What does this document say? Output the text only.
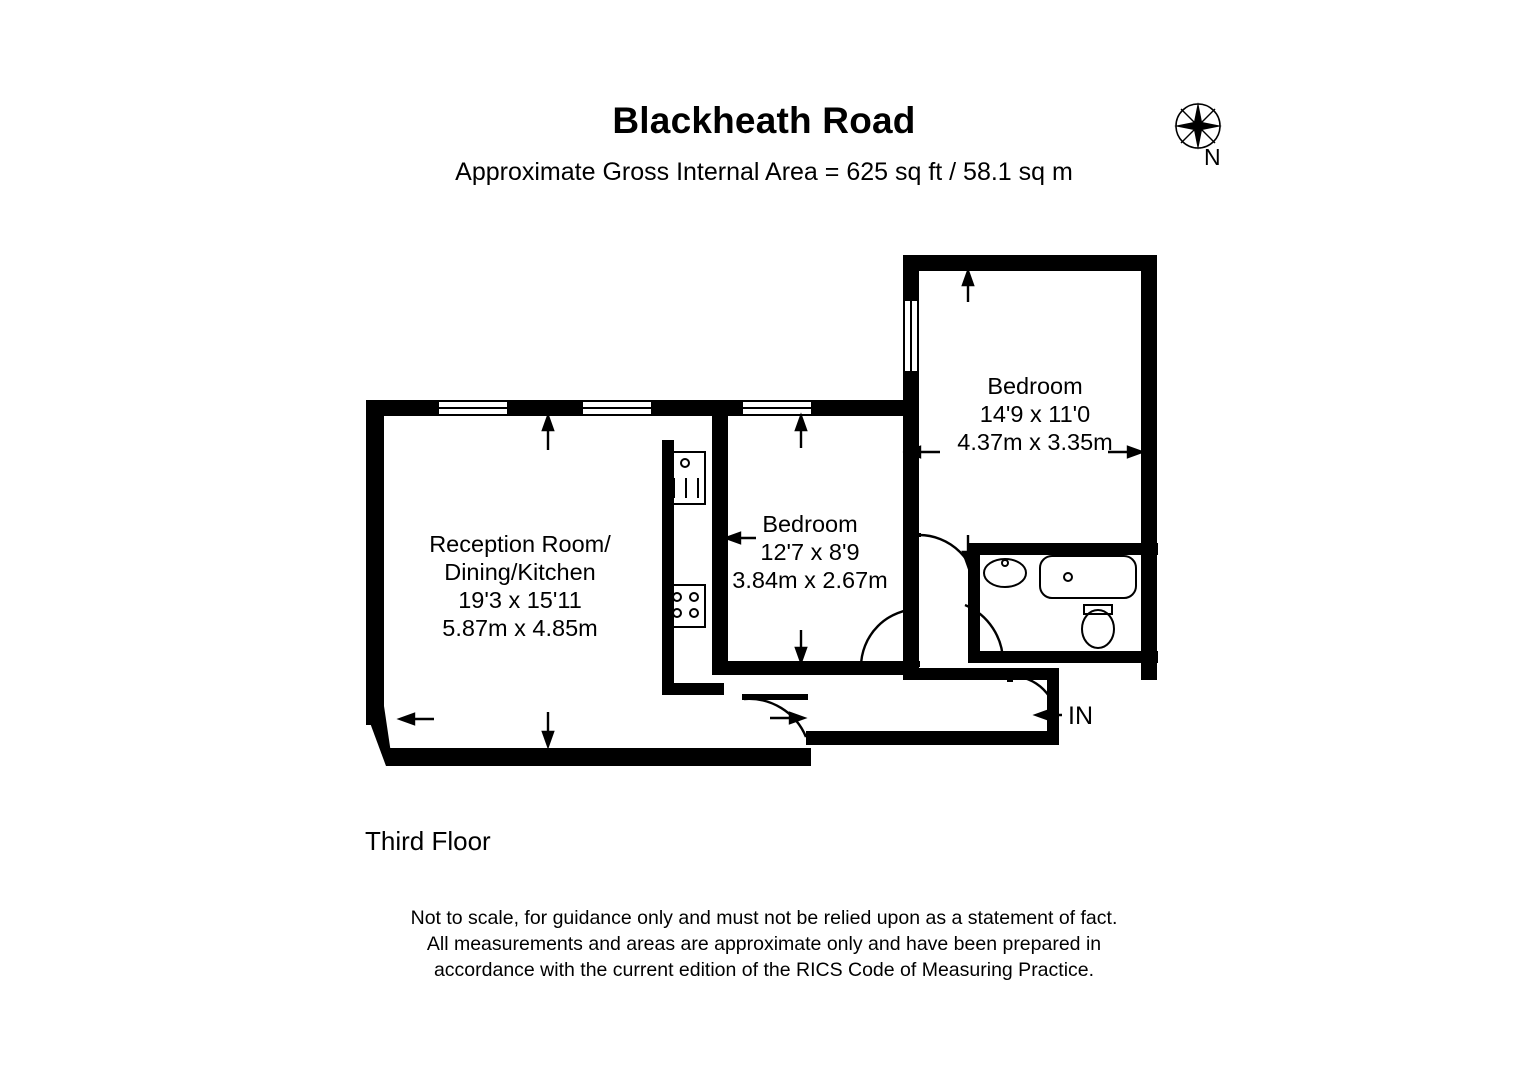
Blackheath Road
Approximate Gross Internal Area = 625 sq ft / 58.1 sq m
N
Reception Room/
Dining/Kitchen
19'3 x 15'11
5.87m x 4.85m
Bedroom
12'7 x 8'9
3.84m x 2.67m
Bedroom
14'9 x 11'0
4.37m x 3.35m
IN
Third Floor
Not to scale, for guidance only and must not be relied upon as a statement of fact.
All measurements and areas are approximate only and have been prepared in
accordance with the current edition of the RICS Code of Measuring Practice.
